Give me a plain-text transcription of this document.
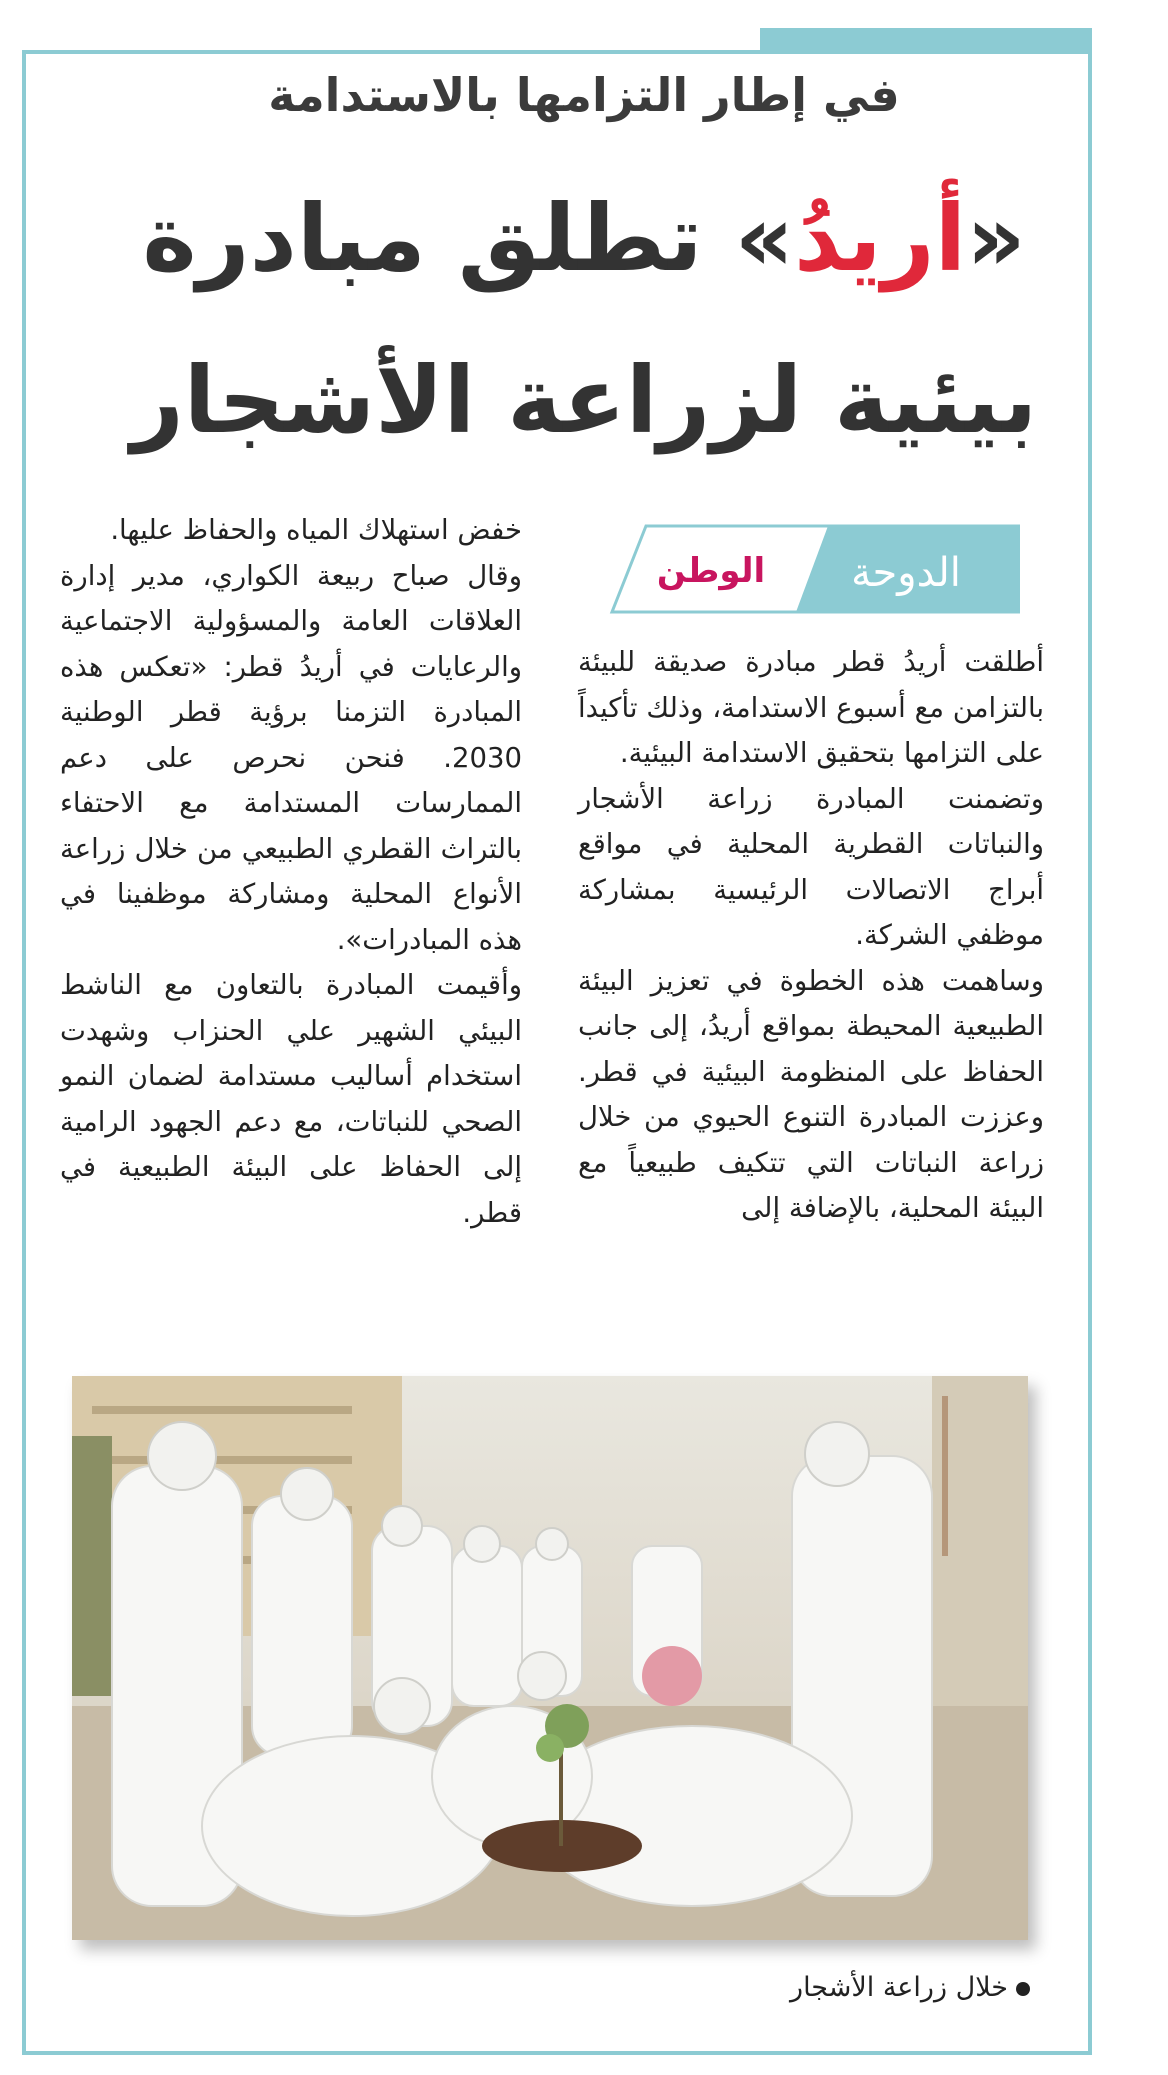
في إطار التزامها بالاستدامة
«أريدُ» تطلق مبادرة
بيئية لزراعة الأشجار
الدوحة
الوطن

أطلقت أريدُ قطر مبادرة صديقة للبيئة بالتزامن مع أسبوع الاستدامة، وذلك تأكيداً على التزامها بتحقيق الاستدامة البيئية.

وتضمنت المبادرة زراعة الأشجار والنباتات القطرية المحلية في مواقع أبراج الاتصالات الرئيسية بمشاركة موظفي الشركة.

وساهمت هذه الخطوة في تعزيز البيئة الطبيعية المحيطة بمواقع أريدُ، إلى جانب الحفاظ على المنظومة البيئية في قطر. وعززت المبادرة التنوع الحيوي من خلال زراعة النباتات التي تتكيف طبيعياً مع البيئة المحلية، بالإضافة إلى

خفض استهلاك المياه والحفاظ عليها.

وقال صباح ربيعة الكواري، مدير إدارة العلاقات العامة والمسؤولية الاجتماعية والرعايات في أريدُ قطر: «تعكس هذه المبادرة التزمنا برؤية قطر الوطنية 2030. فنحن نحرص على دعم الممارسات المستدامة مع الاحتفاء بالتراث القطري الطبيعي من خلال زراعة الأنواع المحلية ومشاركة موظفينا في هذه المبادرات».

وأقيمت المبادرة بالتعاون مع الناشط البيئي الشهير علي الحنزاب وشهدت استخدام أساليب مستدامة لضمان النمو الصحي للنباتات، مع دعم الجهود الرامية إلى الحفاظ على البيئة الطبيعية في قطر.

خلال زراعة الأشجار
